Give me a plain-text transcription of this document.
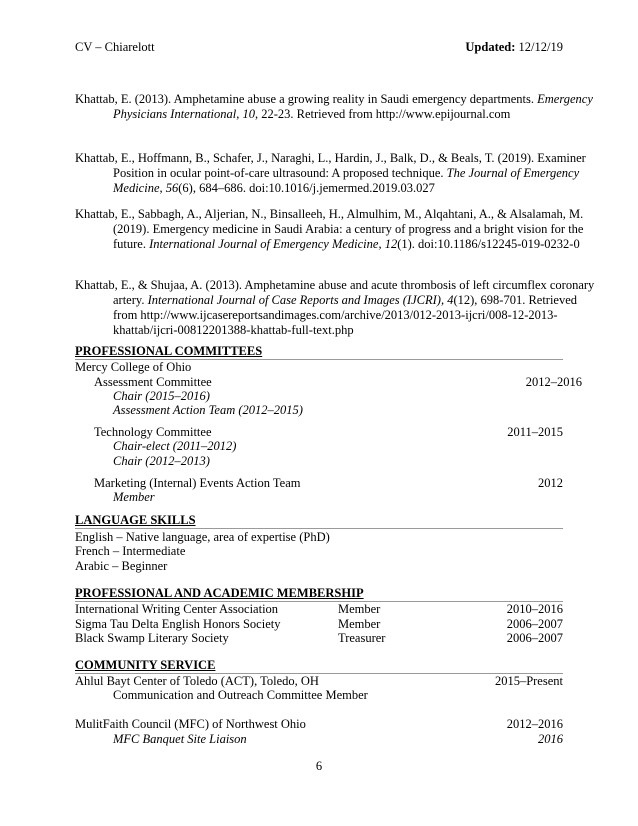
CV – Chiarelott	Updated: 12/12/19
Khattab, E. (2013). Amphetamine abuse a growing reality in Saudi emergency departments. Emergency Physicians International, 10, 22-23. Retrieved from http://www.epijournal.com
Khattab, E., Hoffmann, B., Schafer, J., Naraghi, L., Hardin, J., Balk, D., & Beals, T. (2019). Examiner Position in ocular point-of-care ultrasound: A proposed technique. The Journal of Emergency Medicine, 56(6), 684–686. doi:10.1016/j.jemermed.2019.03.027
Khattab, E., Sabbagh, A., Aljerian, N., Binsalleeh, H., Almulhim, M., Alqahtani, A., & Alsalamah, M. (2019). Emergency medicine in Saudi Arabia: a century of progress and a bright vision for the future. International Journal of Emergency Medicine, 12(1). doi:10.1186/s12245-019-0232-0
Khattab, E., & Shujaa, A. (2013). Amphetamine abuse and acute thrombosis of left circumflex coronary artery. International Journal of Case Reports and Images (IJCRI), 4(12), 698-701. Retrieved from http://www.ijcasereportsandimages.com/archive/2013/012-2013-ijcri/008-12-2013-khattab/ijcri-00812201388-khattab-full-text.php
PROFESSIONAL COMMITTEES
Mercy College of Ohio
Assessment Committee	2012–2016
Chair (2015–2016)
Assessment Action Team (2012–2015)
Technology Committee	2011–2015
Chair-elect (2011–2012)
Chair (2012–2013)
Marketing (Internal) Events Action Team	2012
Member
LANGUAGE SKILLS
English – Native language, area of expertise (PhD)
French – Intermediate
Arabic – Beginner
PROFESSIONAL AND ACADEMIC MEMBERSHIP
International Writing Center Association	Member	2010–2016
Sigma Tau Delta English Honors Society	Member	2006–2007
Black Swamp Literary Society	Treasurer	2006–2007
COMMUNITY SERVICE
Ahlul Bayt Center of Toledo (ACT), Toledo, OH	2015–Present
Communication and Outreach Committee Member
MulitFaith Council (MFC) of Northwest Ohio	2012–2016
MFC Banquet Site Liaison	2016
6
